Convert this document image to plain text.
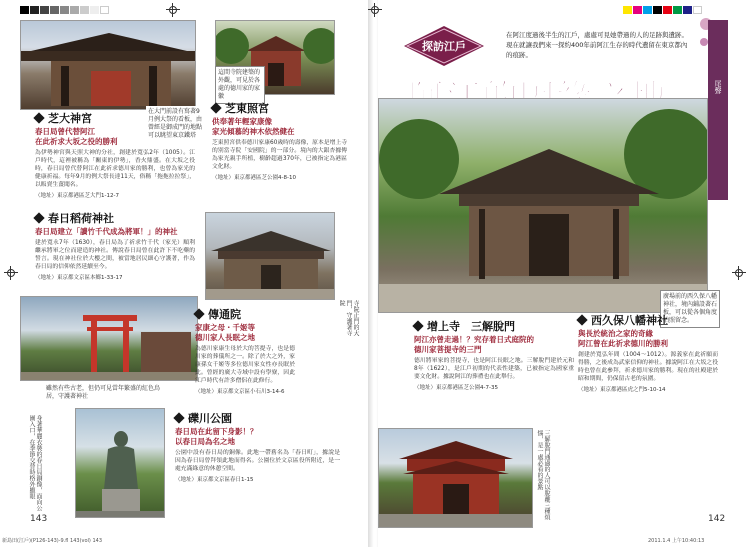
這間寺院建築的外觀，可見於各處的德川家的家徽
在大門前設有寫著9月例大祭的看板，由曾經是御成門的地點可以眺望東京鐵塔
芝大神宮
春日局曾代替阿江
在此祈求大坂之役的勝利
為伊勢神宮與天照大神的分社，創建於寬弘2年（1005）。江戶時代，這裡被稱為「關東的伊勢」，香火鼎盛。在大坂之役時，春日局曾代替阿江在此祈求德川家的勝利，也曾為家光的健康祈福。每年9月的例大祭長達11天，俗稱「拖拖拉拉祭」，以販賣生薑聞名。
（地址）東京都港區芝大門1-12-7
芝東照宮
供奉著年輕家康像
家光傾慕的神木依然健在
芝東照宮供奉德川家康60歲時的壽像，原本是增上寺的別當寺院「安國院」的一部分。境內的大銀杏據傳為家光親手所植，樹齡超過370年，已被指定為港區文化財。
（地址）東京都港區芝公園4-8-10
春日稻荷神社
春日局建立「讀竹千代成為將軍！」的神社
建於寬永7年（1630），春日局為了祈求竹千代（家光）順利繼承將軍之位而建造的神社。傳說春日局曾在此許下不吃藥的誓言。現在神社位於大樓之間，被當地居民細心守護著，作為春日局的信仰依然延續至今。
（地址）東京都文京區本鄉1-33-17
寺院正門的大門，守護著寺院
雖然有些古老，但仍可見當年繁盛的紅色鳥居，守護著神社
傳通院
家康之母・千姬等
德川家人長眠之地
為德川家康生母於大的菩提寺，也是德川家的葬儀所之一。除了於大之外，家康孫女千姬等多位德川家女性亦長眠於此。曾經的廣大寺域中設有學寮，因此江戶時代有許多僧侶在此修行。
（地址）東京都文京區小石川3-14-6
身著華麗衣裝的春日局銅像，面向公園入口，在季節交替時格外顯眼	礫川公園
春日局在此留下身影！？
以春日局為名之地
公園中設有春日局的銅像。此地一帶舊名為「春日町」，據說是因為春日局曾拜領此地而得名。公園位於文京區役所附近，是一處充滿綠意的休憩空間。
（地址）東京都文京區春日1-15
143
新島田(江戶)(P126-143)-9.fl 143(vol) 143
探訪江戶
在阿江度過後半生的江戶，處處可見她帶過的人的足跡與遺跡。現在就讓我們來一探約400年前阿江生存的時代遺留在東京都內的痕跡。
尾聲
廣場前的西久保八幡神社，境內鋪設著石板，可以從各個角度拍照留念。
增上寺　三解脫門
阿江亦曾走過！？究存着日式庭院的
德川家菩提寺的三門
德川將軍家的菩提寺，也是阿江長眠之地。三解脫門建於元和8年（1622），是江戶初期的代表性建築，已被指定為國家重要文化財。據說阿江的葬禮也在此舉行。
（地址）東京都港區芝公園4-7-35
西久保八幡神社
與長於統治之家的奇緣
阿江曾在此祈求德川的勝利
創建於寬弘年間（1004～1012）。源義家在此祈願而得勝，之後成為武家信仰的神社。據說阿江在大坂之役時也曾在此參拜，祈求德川家的勝利。現在的社殿建於昭和期間，仍保留古老的氛圍。
（地址）東京都港區虎之門5-10-14
三解脫門通過的人可以脫離三種煩惱，是一處必看的景點
142
2011.1.4 上午10:40:13
